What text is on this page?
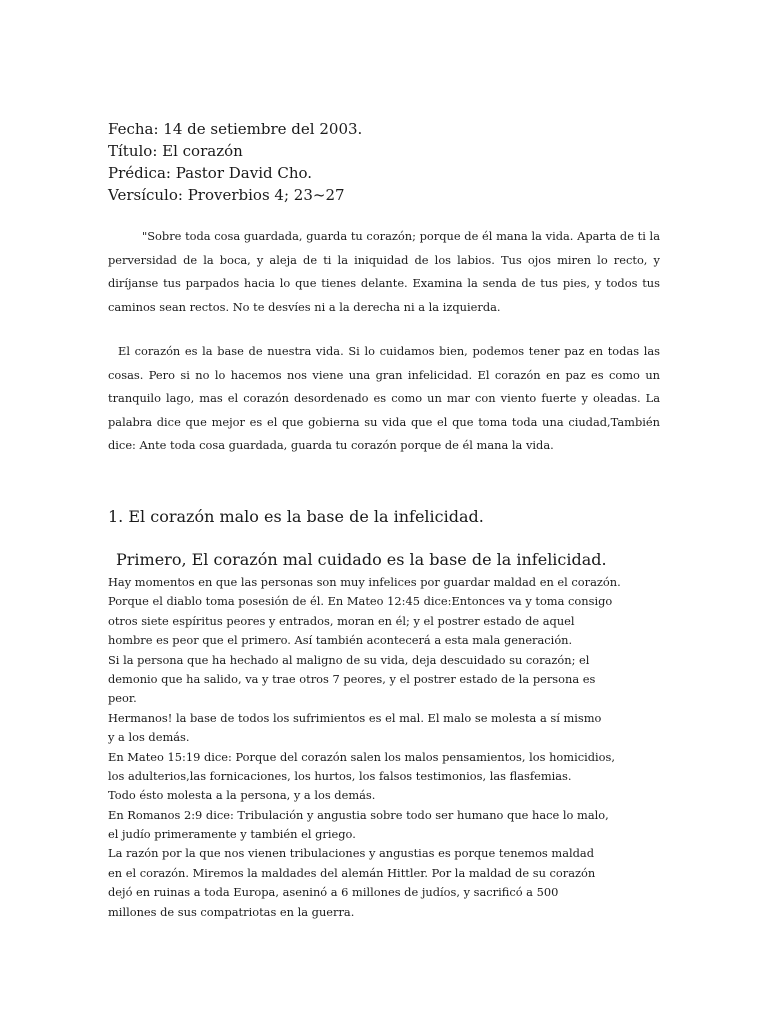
Fecha: 14 de setiembre del 2003.
Título: El corazón
Prédica: Pastor David Cho.
Versículo: Proverbios 4; 23~27
"Sobre toda cosa guardada, guarda tu corazón; porque de él mana la vida. Aparta de ti la perversidad de la boca, y aleja de ti la iniquidad de los labios. Tus ojos miren lo recto, y diríjanse tus parpados hacia lo que tienes delante. Examina la senda de tus pies, y todos tus caminos sean rectos. No te desvíes ni a la derecha ni a la izquierda.
El corazón es la base de nuestra vida. Si lo cuidamos bien, podemos tener paz en todas las cosas. Pero si no lo hacemos nos viene una gran infelicidad. El corazón en paz es como un tranquilo lago, mas el corazón desordenado es como un mar con viento fuerte y oleadas. La palabra dice que mejor es el que gobierna su vida que el que toma toda una ciudad,También dice: Ante toda cosa guardada, guarda tu corazón porque de él mana la vida.
1. El corazón malo es la base de la infelicidad.
Primero, El corazón mal cuidado es la base de la infelicidad.
Hay momentos en que las personas son muy infelices por guardar maldad en el corazón.
Porque el diablo toma posesión de él. En Mateo 12:45 dice:Entonces va y toma consigo
otros siete espíritus peores y entrados, moran en él; y el postrer estado de aquel
hombre es peor que el primero. Así también acontecerá a esta mala generación.
Si la persona que ha hechado al maligno de su vida, deja descuidado su corazón; el
demonio que ha salido, va y trae otros 7 peores, y el postrer estado de la persona es
peor.
Hermanos! la base de todos los sufrimientos es el mal. El malo se molesta a sí mismo
y a los demás.
En Mateo 15:19 dice: Porque del corazón salen los malos pensamientos, los homicidios,
los adulterios,las fornicaciones, los hurtos, los falsos testimonios, las flasfemias.
Todo ésto molesta a la persona, y a los demás.
En Romanos 2:9 dice: Tribulación y angustia sobre todo ser humano que hace lo malo,
el judío primeramente y también el griego.
La razón por la que nos vienen tribulaciones y angustias es porque tenemos maldad
en el corazón. Miremos la maldades del alemán Hittler. Por la maldad de su corazón
dejó en ruinas a toda Europa, aseninó a 6 millones de judíos, y sacrificó a 500
millones de sus compatriotas en la guerra.
